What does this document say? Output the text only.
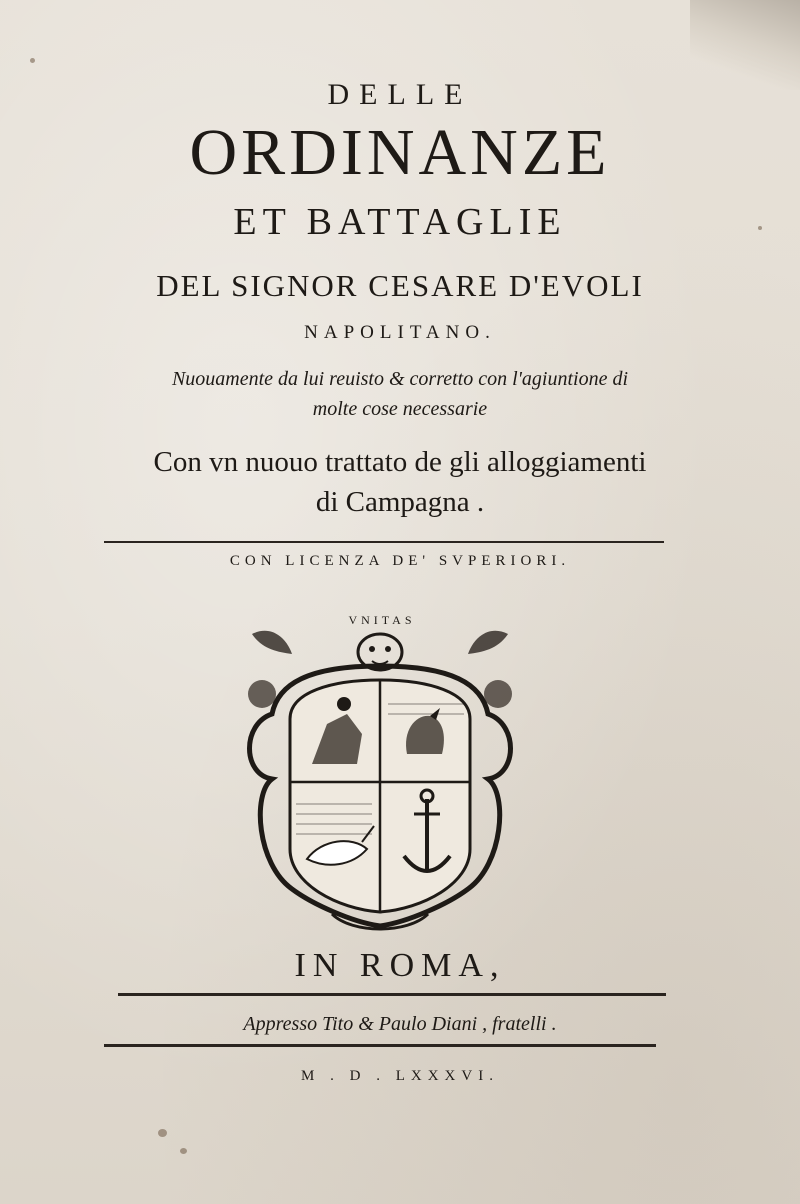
DELLE
ORDINANZE
ET BATTAGLIE
DEL SIGNOR CESARE D'EVOLI
NAPOLITANO.
Nuouamente da lui reuisto & corretto con l'agiuntione di
molte cose necessarie
Con vn nuouo trattato de gli alloggiamenti
di Campagna .
CON LICENZA DE' SVPERIORI.
VNITAS
IN ROMA,
Appresso Tito & Paulo Diani , fratelli .
M . D . LXXXVI.
